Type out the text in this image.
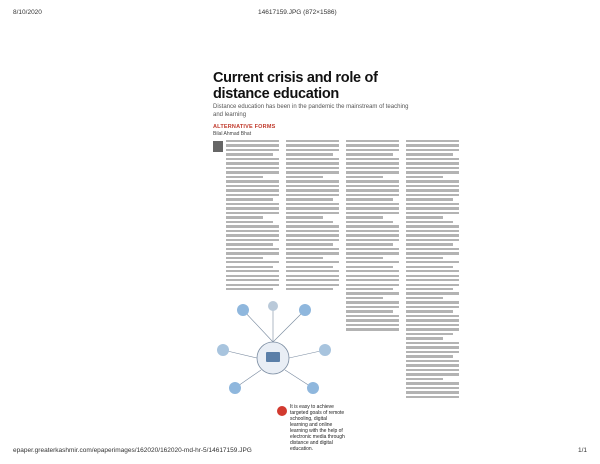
8/10/2020	14617159.JPG (872×1586)
Current crisis and role of distance education
Distance education has been in the pandemic the mainstream of teaching and learning
ALTERNATIVE FORMS
Bilal Ahmad Bhat
It is easy to achieve targeted goals of remote schooling, digital learning and online learning with the help of electronic media through distance and digital education.
epaper.greaterkashmir.com/epaperimages/162020/162020-md-hr-5/14617159.JPG	1/1
